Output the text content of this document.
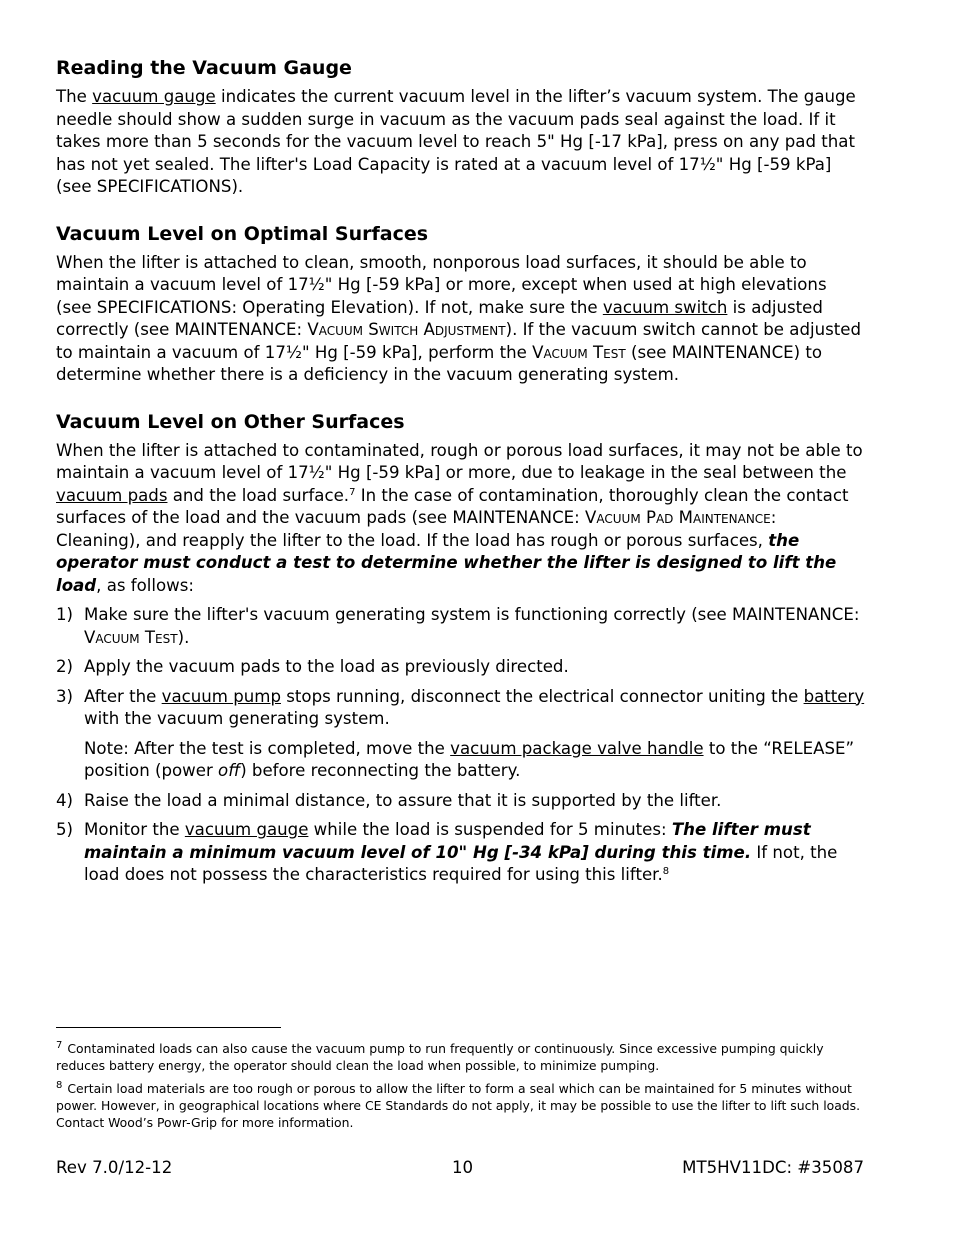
Reading the Vacuum Gauge

The vacuum gauge indicates the current vacuum level in the lifter’s vacuum system. The gauge needle should show a sudden surge in vacuum as the vacuum pads seal against the load. If it takes more than 5 seconds for the vacuum level to reach 5" Hg [-17 kPa], press on any pad that has not yet sealed. The lifter's Load Capacity is rated at a vacuum level of 17½" Hg [-59 kPa] (see SPECIFICATIONS).

Vacuum Level on Optimal Surfaces

When the lifter is attached to clean, smooth, nonporous load surfaces, it should be able to maintain a vacuum level of 17½" Hg [-59 kPa] or more, except when used at high elevations (see SPECIFICATIONS: Operating Elevation). If not, make sure the vacuum switch is adjusted correctly (see MAINTENANCE: Vacuum Switch Adjustment). If the vacuum switch cannot be adjusted to maintain a vacuum of 17½" Hg [-59 kPa], perform the Vacuum Test (see MAINTENANCE) to determine whether there is a deficiency in the vacuum generating system.

Vacuum Level on Other Surfaces

When the lifter is attached to contaminated, rough or porous load surfaces, it may not be able to maintain a vacuum level of 17½" Hg [-59 kPa] or more, due to leakage in the seal between the vacuum pads and the load surface.$^7$ In the case of contamination, thoroughly clean the contact surfaces of the load and the vacuum pads (see MAINTENANCE: Vacuum Pad Maintenance: Cleaning), and reapply the lifter to the load. If the load has rough or porous surfaces, the operator must conduct a test to determine whether the lifter is designed to lift the load, as follows:

1) Make sure the lifter's vacuum generating system is functioning correctly (see MAINTENANCE: Vacuum Test).
2) Apply the vacuum pads to the load as previously directed.
3) After the vacuum pump stops running, disconnect the electrical connector uniting the battery with the vacuum generating system.
Note: After the test is completed, move the vacuum package valve handle to the “RELEASE” position (power off) before reconnecting the battery.
4) Raise the load a minimal distance, to assure that it is supported by the lifter.
5) Monitor the vacuum gauge while the load is suspended for 5 minutes: The lifter must maintain a minimum vacuum level of 10" Hg [-34 kPa] during this time. If not, the load does not possess the characteristics required for using this lifter.$^8$

$^7$ Contaminated loads can also cause the vacuum pump to run frequently or continuously. Since excessive pumping quickly reduces battery energy, the operator should clean the load when possible, to minimize pumping.

$^8$ Certain load materials are too rough or porous to allow the lifter to form a seal which can be maintained for 5 minutes without power. However, in geographical locations where CE Standards do not apply, it may be possible to use the lifter to lift such loads. Contact Wood’s Powr-Grip for more information.

Rev 7.0/12-12	10	MT5HV11DC: #35087
